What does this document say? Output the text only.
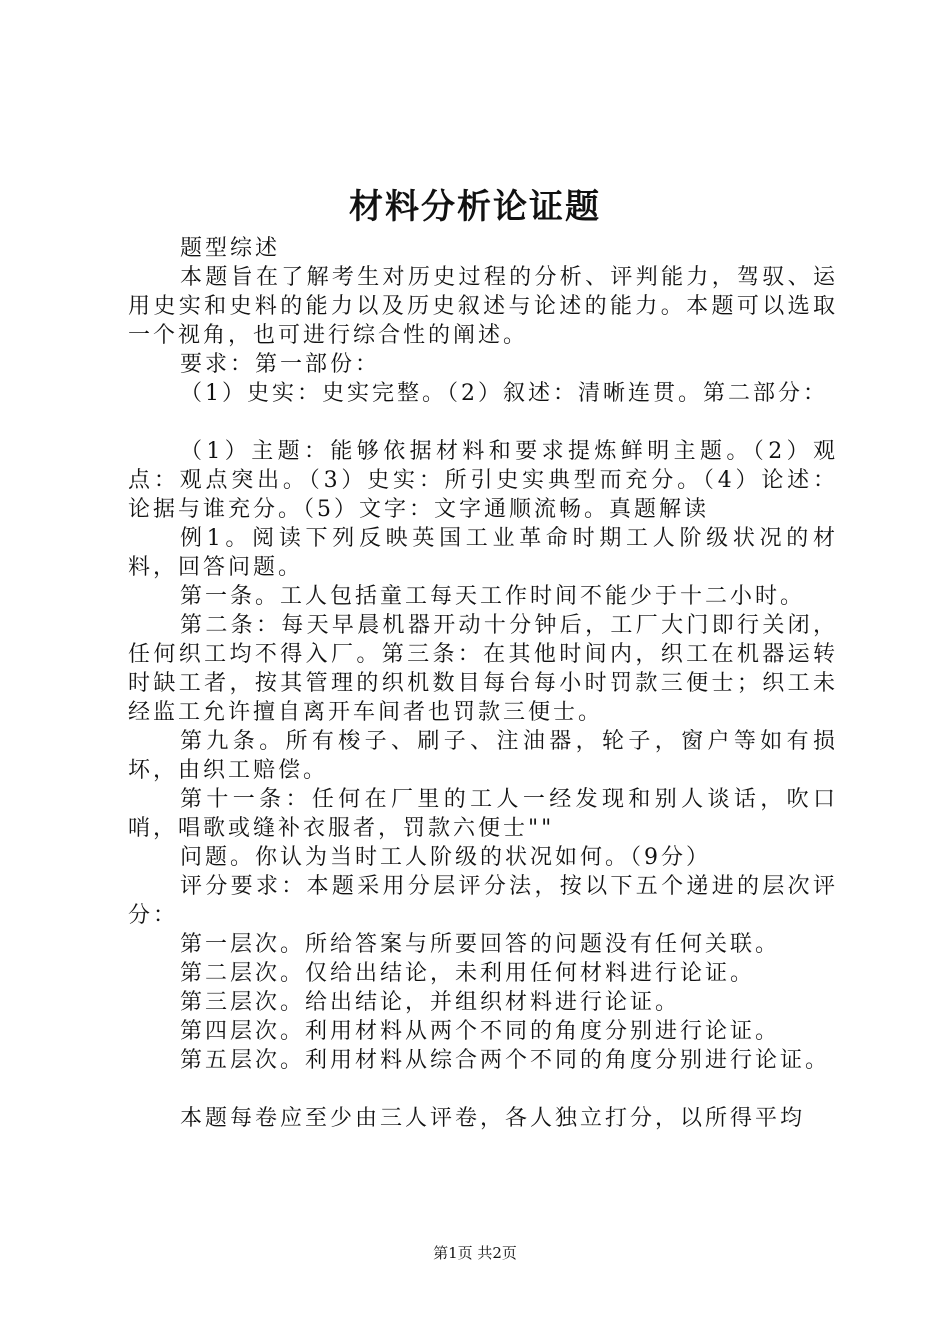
材料分析论证题

题型综述

本题旨在了解考生对历史过程的分析、评判能力，驾驭、运用史实和史料的能力以及历史叙述与论述的能力。本题可以选取一个视角，也可进行综合性的阐述。

要求：第一部份：

（1）史实：史实完整。（2）叙述：清晰连贯。第二部分：

（1）主题：能够依据材料和要求提炼鲜明主题。（2）观点：观点突出。（3）史实：所引史实典型而充分。（4）论述：论据与谁充分。（5）文字：文字通顺流畅。真题解读

例1。阅读下列反映英国工业革命时期工人阶级状况的材料，回答问题。

第一条。工人包括童工每天工作时间不能少于十二小时。

第二条：每天早晨机器开动十分钟后，工厂大门即行关闭，任何织工均不得入厂。第三条：在其他时间内，织工在机器运转时缺工者，按其管理的织机数目每台每小时罚款三便士；织工未经监工允许擅自离开车间者也罚款三便士。

第九条。所有梭子、刷子、注油器，轮子，窗户等如有损坏，由织工赔偿。

第十一条：任何在厂里的工人一经发现和别人谈话，吹口哨，唱歌或缝补衣服者，罚款六便士""

问题。你认为当时工人阶级的状况如何。（9分）

评分要求：本题采用分层评分法，按以下五个递进的层次评分：

第一层次。所给答案与所要回答的问题没有任何关联。

第二层次。仅给出结论，未利用任何材料进行论证。

第三层次。给出结论，并组织材料进行论证。

第四层次。利用材料从两个不同的角度分别进行论证。

第五层次。利用材料从综合两个不同的角度分别进行论证。

本题每卷应至少由三人评卷，各人独立打分，以所得平均

第1页 共2页
